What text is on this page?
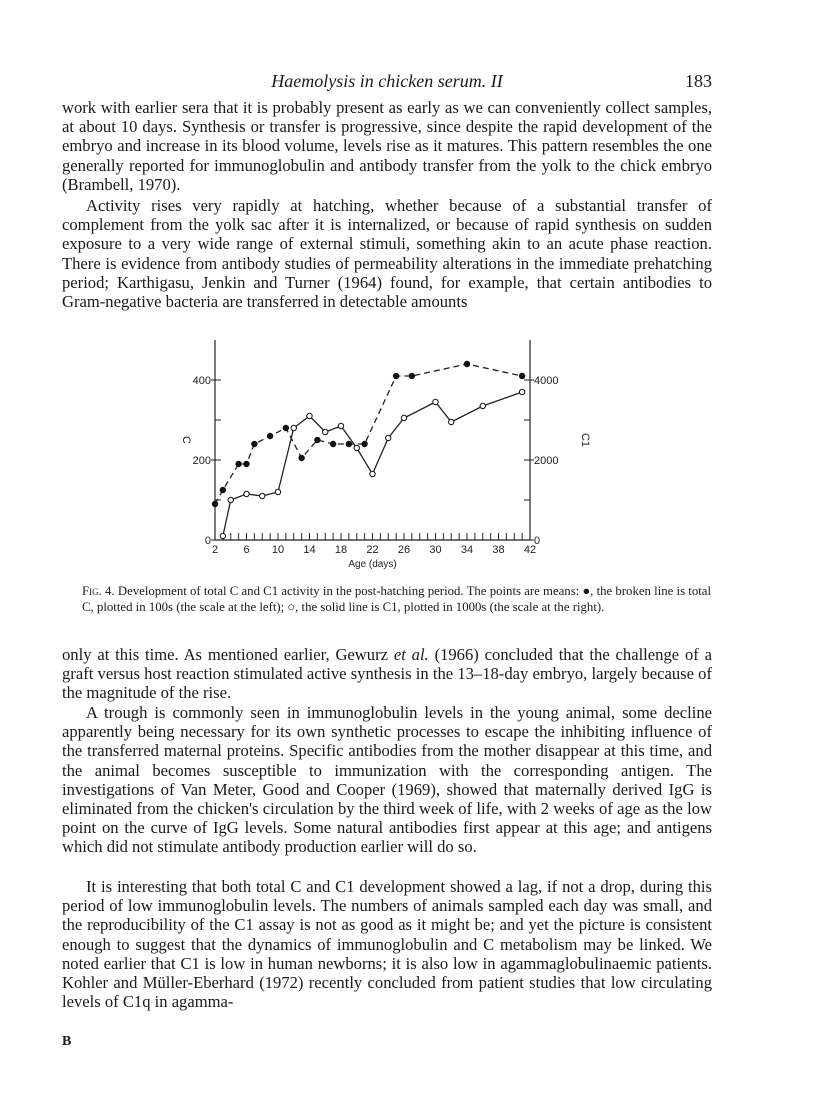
Haemolysis in chicken serum. II	183

work with earlier sera that it is probably present as early as we can conveniently collect samples, at about 10 days. Synthesis or transfer is progressive, since despite the rapid development of the embryo and increase in its blood volume, levels rise as it matures. This pattern resembles the one generally reported for immunoglobulin and antibody transfer from the yolk to the chick embryo (Brambell, 1970).

Activity rises very rapidly at hatching, whether because of a substantial transfer of complement from the yolk sac after it is internalized, or because of rapid synthesis on sudden exposure to a very wide range of external stimuli, something akin to an acute phase reaction. There is evidence from antibody studies of permeability alterations in the immediate prehatching period; Karthigasu, Jenkin and Turner (1964) found, for example, that certain antibodies to Gram-negative bacteria are transferred in detectable amounts

2 6 10 14 18 22 26 30 34 38 42
0
200
400
0
2000
4000
Age (days)
C	C1

Fig. 4. Development of total C and C1 activity in the post-hatching period. The points are means: ●, the broken line is total C, plotted in 100s (the scale at the left); ○, the solid line is C1, plotted in 1000s (the scale at the right).

only at this time. As mentioned earlier, Gewurz et al. (1966) concluded that the challenge of a graft versus host reaction stimulated active synthesis in the 13–18-day embryo, largely because of the magnitude of the rise.

A trough is commonly seen in immunoglobulin levels in the young animal, some decline apparently being necessary for its own synthetic processes to escape the inhibiting influence of the transferred maternal proteins. Specific antibodies from the mother disappear at this time, and the animal becomes susceptible to immunization with the corresponding antigen. The investigations of Van Meter, Good and Cooper (1969), showed that maternally derived IgG is eliminated from the chicken's circulation by the third week of life, with 2 weeks of age as the low point on the curve of IgG levels. Some natural antibodies first appear at this age; and antigens which did not stimulate antibody production earlier will do so.

It is interesting that both total C and C1 development showed a lag, if not a drop, during this period of low immunoglobulin levels. The numbers of animals sampled each day was small, and the reproducibility of the C1 assay is not as good as it might be; and yet the picture is consistent enough to suggest that the dynamics of immunoglobulin and C metabolism may be linked. We noted earlier that C1 is low in human newborns; it is also low in agammaglobulinaemic patients. Kohler and Müller-Eberhard (1972) recently concluded from patient studies that low circulating levels of C1q in agamma-

B
